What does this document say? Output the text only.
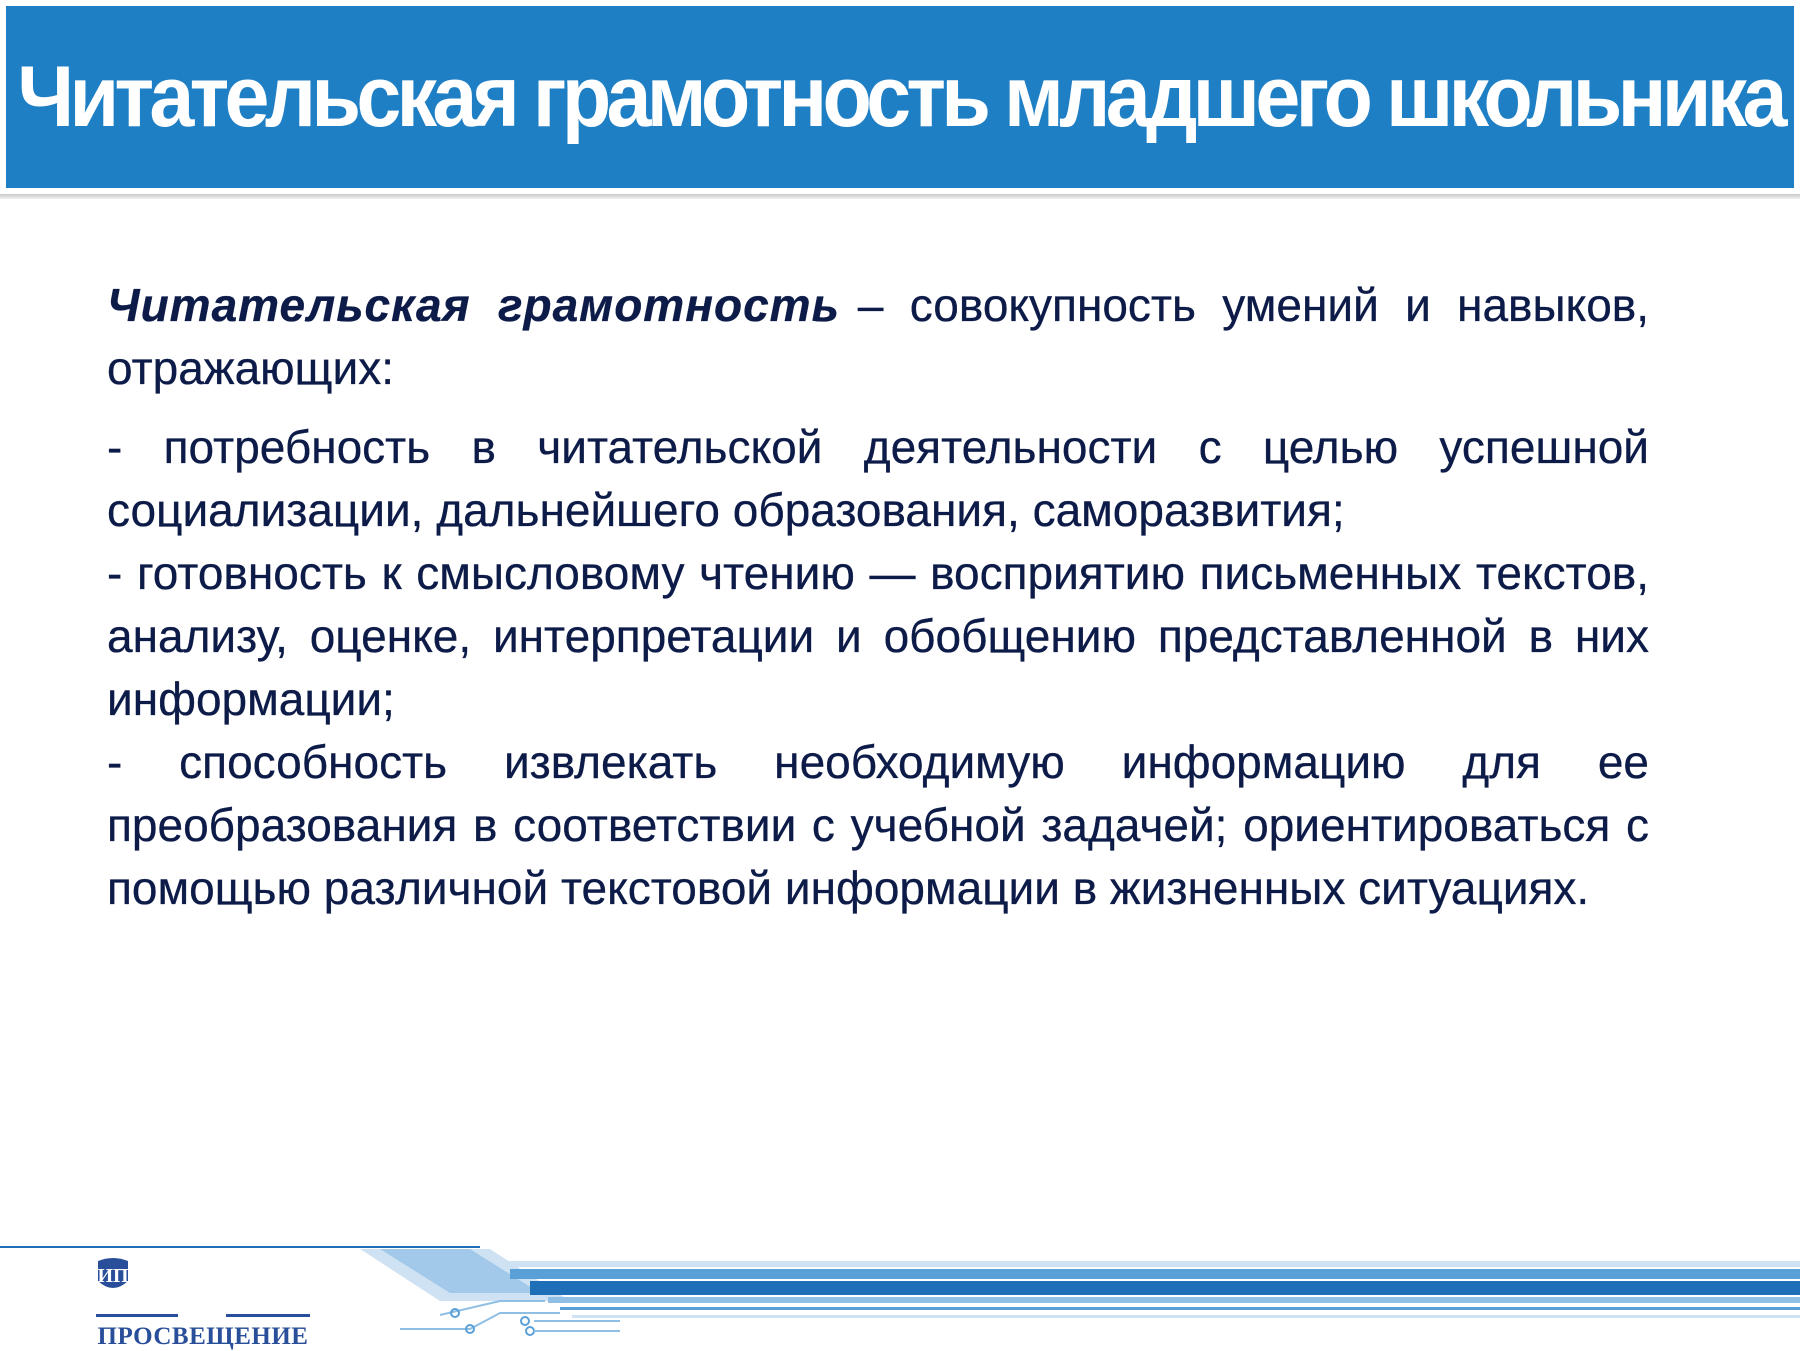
Читательская грамотность младшего школьника

Читательская грамотность – совокупность умений и навыков, отражающих:

- потребность в читательской деятельности с целью успешной социализации, дальнейшего образования, саморазвития;

- готовность к смысловому чтению — восприятию письменных текстов, анализу, оценке, интерпретации и обобщению представленной в них информации;

- способность извлекать необходимую информацию для ее преобразования в соответствии с учебной задачей; ориентироваться с помощью различной текстовой информации в жизненных ситуациях.

ИП
ПРОСВЕЩЕНИЕ
